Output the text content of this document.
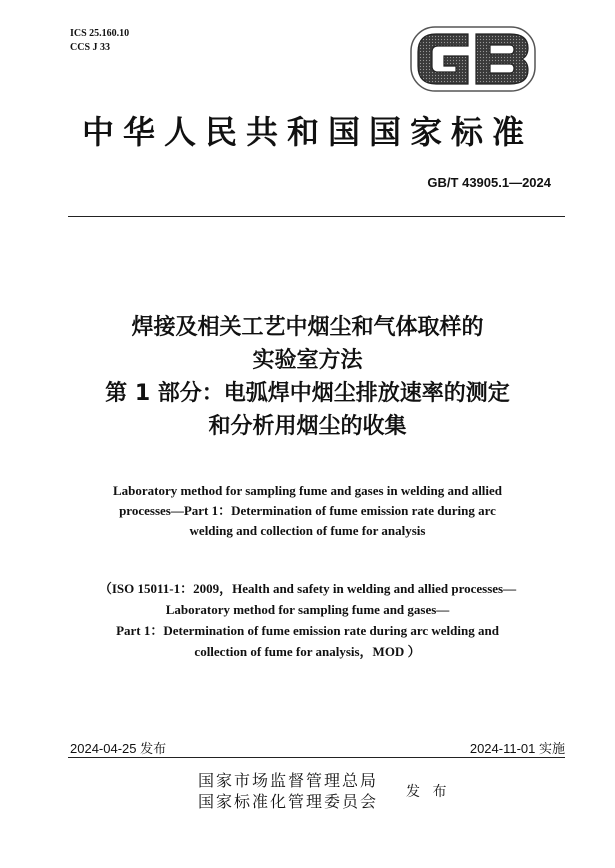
ICS 25.160.10
CCS J 33
中华人民共和国国家标准
GB/T 43905.1—2024
焊接及相关工艺中烟尘和气体取样的
实验室方法
第 1 部分：电弧焊中烟尘排放速率的测定
和分析用烟尘的收集
Laboratory method for sampling fume and gases in welding and allied
processes—Part 1：Determination of fume emission rate during arc
welding and collection of fume for analysis
（ISO 15011-1：2009，Health and safety in welding and allied processes—
Laboratory method for sampling fume and gases—
Part 1：Determination of fume emission rate during arc welding and
collection of fume for analysis，MOD ）
2024-04-25 发布	2024-11-01 实施
国家市场监督管理总局
国家标准化管理委员会 发 布
